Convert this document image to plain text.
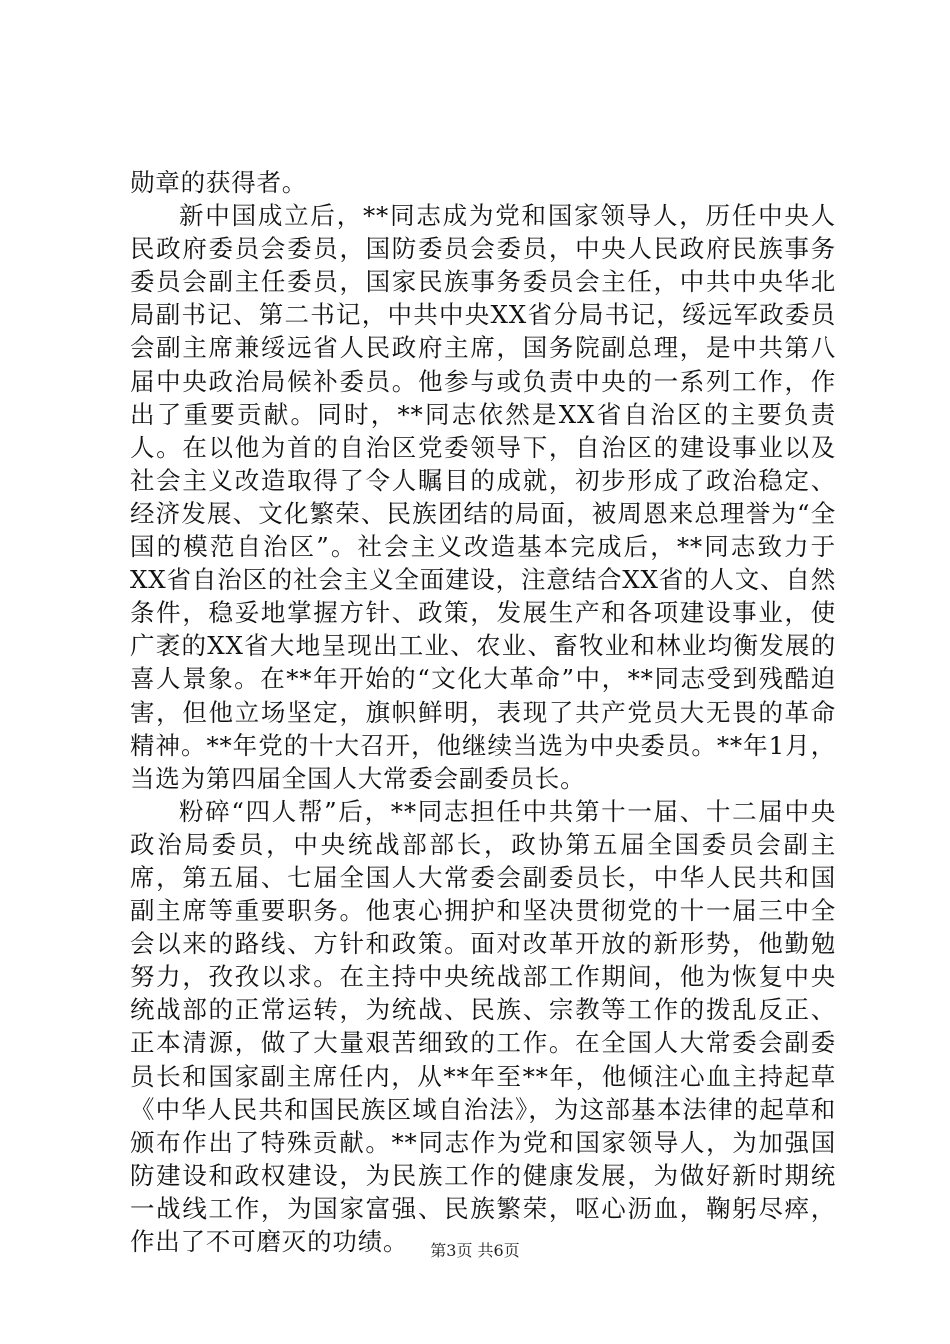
勋章的获得者。

新中国成立后，**同志成为党和国家领导人，历任中央人民政府委员会委员，国防委员会委员，中央人民政府民族事务委员会副主任委员，国家民族事务委员会主任，中共中央华北局副书记、第二书记，中共中央XX省分局书记，绥远军政委员会副主席兼绥远省人民政府主席，国务院副总理，是中共第八届中央政治局候补委员。他参与或负责中央的一系列工作，作出了重要贡献。同时，**同志依然是XX省自治区的主要负责人。在以他为首的自治区党委领导下，自治区的建设事业以及社会主义改造取得了令人瞩目的成就，初步形成了政治稳定、经济发展、文化繁荣、民族团结的局面，被周恩来总理誉为“全国的模范自治区”。社会主义改造基本完成后，**同志致力于XX省自治区的社会主义全面建设，注意结合XX省的人文、自然条件，稳妥地掌握方针、政策，发展生产和各项建设事业，使广袤的XX省大地呈现出工业、农业、畜牧业和林业均衡发展的喜人景象。在**年开始的“文化大革命”中，**同志受到残酷迫害，但他立场坚定，旗帜鲜明，表现了共产党员大无畏的革命精神。**年党的十大召开，他继续当选为中央委员。**年1月，当选为第四届全国人大常委会副委员长。

粉碎“四人帮”后，**同志担任中共第十一届、十二届中央政治局委员，中央统战部部长，政协第五届全国委员会副主席，第五届、七届全国人大常委会副委员长，中华人民共和国副主席等重要职务。他衷心拥护和坚决贯彻党的十一届三中全会以来的路线、方针和政策。面对改革开放的新形势，他勤勉努力，孜孜以求。在主持中央统战部工作期间，他为恢复中央统战部的正常运转，为统战、民族、宗教等工作的拨乱反正、正本清源，做了大量艰苦细致的工作。在全国人大常委会副委员长和国家副主席任内，从**年至**年，他倾注心血主持起草《中华人民共和国民族区域自治法》，为这部基本法律的起草和颁布作出了特殊贡献。**同志作为党和国家领导人，为加强国防建设和政权建设，为民族工作的健康发展，为做好新时期统一战线工作，为国家富强、民族繁荣，呕心沥血，鞠躬尽瘁，作出了不可磨灭的功绩。	第3页 共6页
